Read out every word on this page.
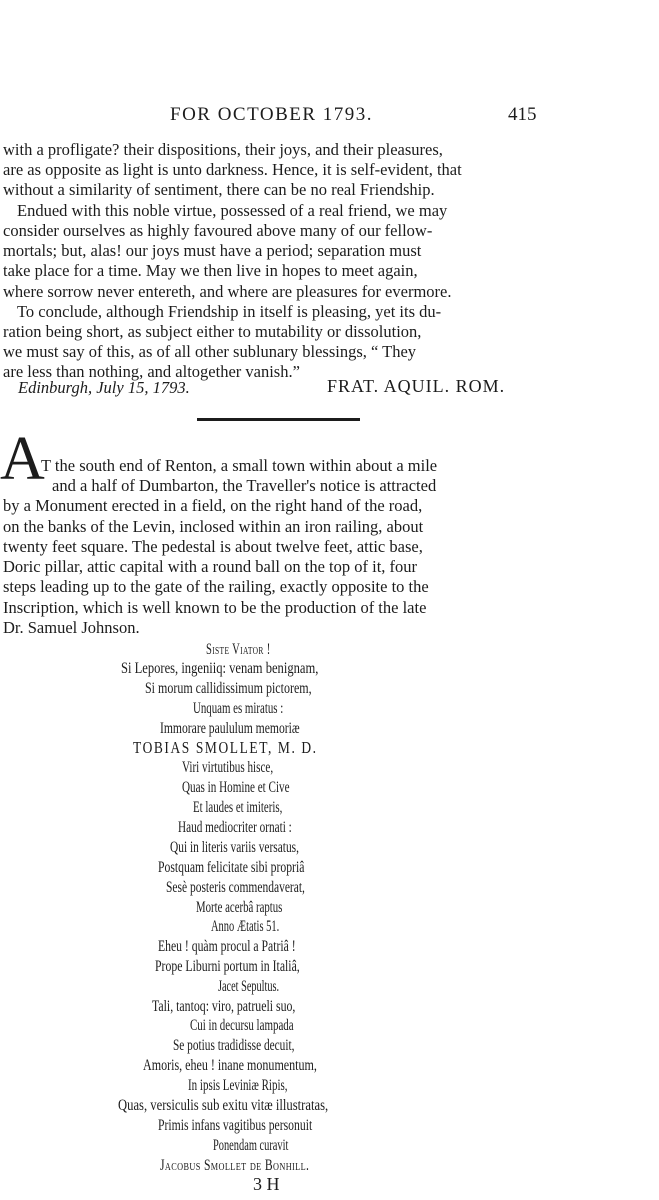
FOR OCTOBER 1793.	415
with a profligate? their dispositions, their joys, and their pleasures,
are as opposite as light is unto darkness. Hence, it is self-evident, that
without a similarity of sentiment, there can be no real Friendship.
Endued with this noble virtue, possessed of a real friend, we may
consider ourselves as highly favoured above many of our fellow-
mortals; but, alas! our joys must have a period; separation must
take place for a time. May we then live in hopes to meet again,
where sorrow never entereth, and where are pleasures for evermore.
To conclude, although Friendship in itself is pleasing, yet its du-
ration being short, as subject either to mutability or dissolution,
we must say of this, as of all other sublunary blessings, “ They
are less than nothing, and altogether vanish.”
Edinburgh, July 15, 1793.	FRAT. AQUIL. ROM.
A
T the south end of Renton, a small town within about a mile
and a half of Dumbarton, the Traveller's notice is attracted
by a Monument erected in a field, on the right hand of the road,
on the banks of the Levin, inclosed within an iron railing, about
twenty feet square. The pedestal is about twelve feet, attic base,
Doric pillar, attic capital with a round ball on the top of it, four
steps leading up to the gate of the railing, exactly opposite to the
Inscription, which is well known to be the production of the late
Dr. Samuel Johnson.
Siste Viator !
Si Lepores, ingeniiq: venam benignam,
Si morum callidissimum pictorem,
Unquam es miratus :
Immorare paululum memoriæ
TOBIAS SMOLLET, M. D.
Viri virtutibus hisce,
Quas in Homine et Cive
Et laudes et imiteris,
Haud mediocriter ornati :
Qui in literis variis versatus,
Postquam felicitate sibi propriâ
Sesè posteris commendaverat,
Morte acerbâ raptus
Anno Ætatis 51.
Eheu ! quàm procul a Patriâ !
Prope Liburni portum in Italiâ,
Jacet Sepultus.
Tali, tantoq: viro, patrueli suo,
Cui in decursu lampada
Se potius tradidisse decuit,
Amoris, eheu ! inane monumentum,
In ipsis Leviniæ Ripis,
Quas, versiculis sub exitu vitæ illustratas,
Primis infans vagitibus personuit
Ponendam curavit
Jacobus Smollet de Bonhill.
3 H
